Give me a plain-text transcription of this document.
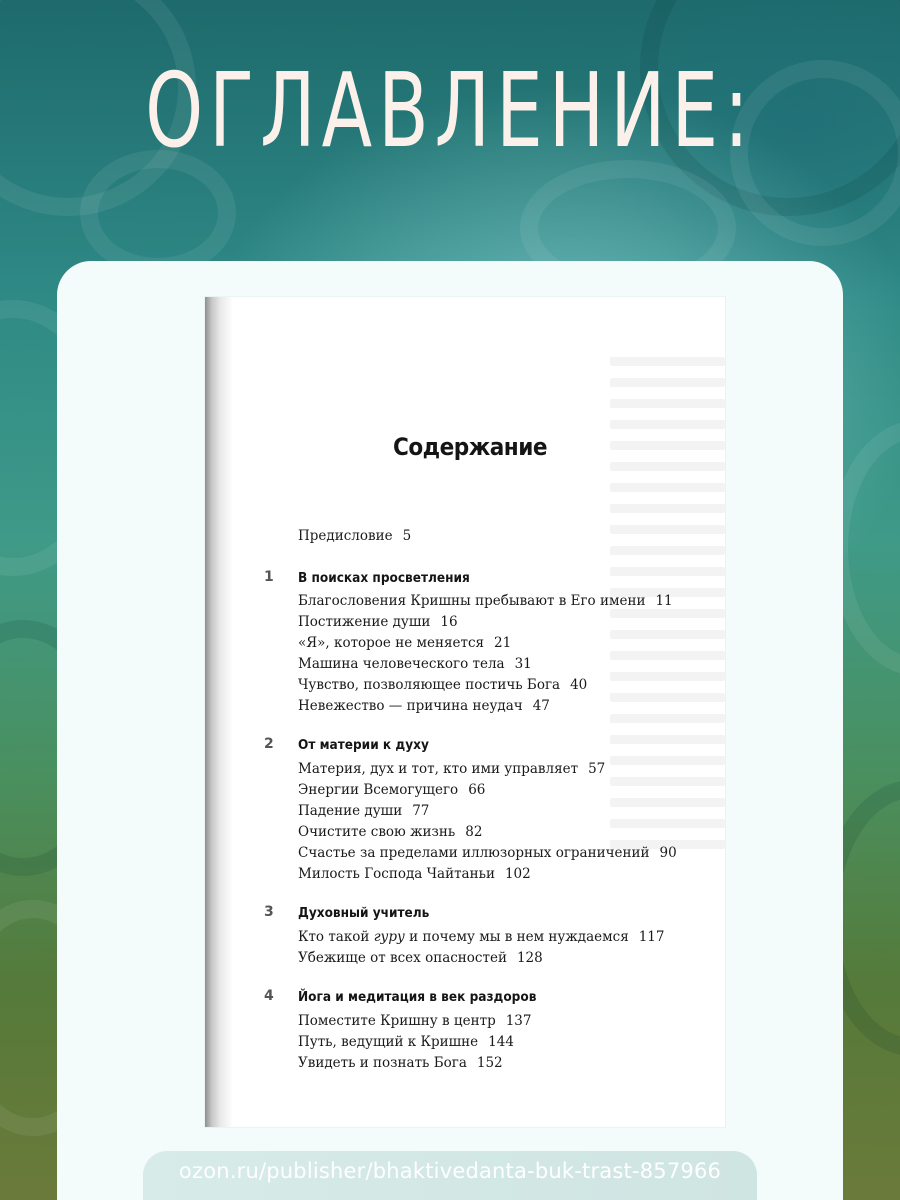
ОГЛАВЛЕНИЕ:
Содержание
Предисловие 5
1 В поисках просветления
Благословения Кришны пребывают в Его имени 11
Постижение души 16
«Я», которое не меняется 21
Машина человеческого тела 31
Чувство, позволяющее постичь Бога 40
Невежество — причина неудач 47
2 От материи к духу
Материя, дух и тот, кто ими управляет 57
Энергии Всемогущего 66
Падение души 77
Очистите свою жизнь 82
Счастье за пределами иллюзорных ограничений 90
Милость Господа Чайтаньи 102
3 Духовный учитель
Кто такой гуру и почему мы в нем нуждаемся 117
Убежище от всех опасностей 128
4 Йога и медитация в век раздоров
Поместите Кришну в центр 137
Путь, ведущий к Кришне 144
Увидеть и познать Бога 152
ozon.ru/publisher/bhaktivedanta-buk-trast-857966
